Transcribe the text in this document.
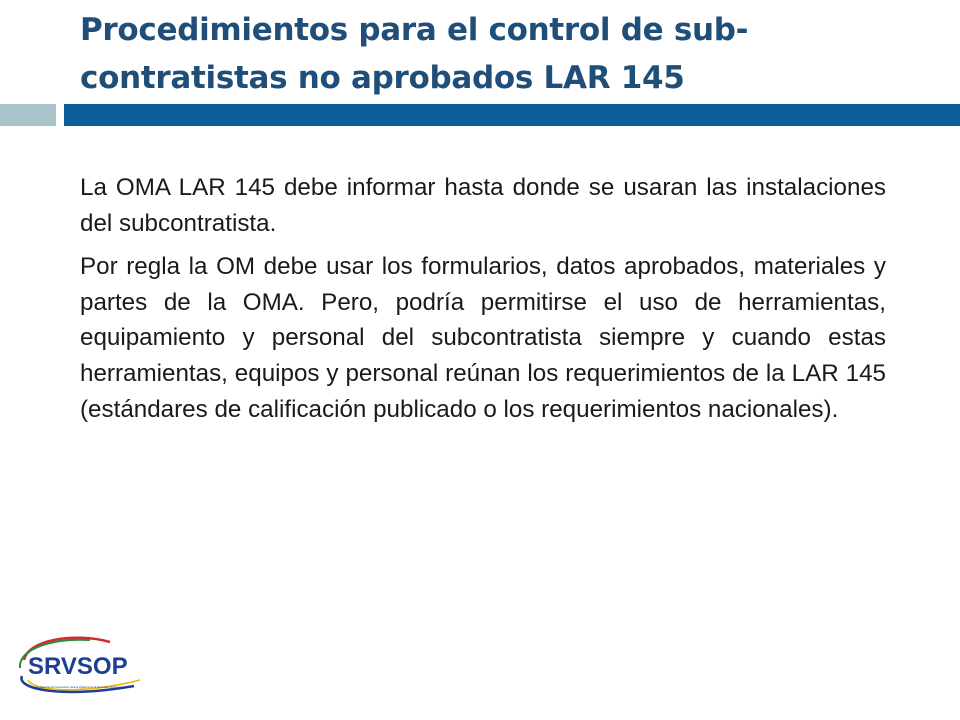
Procedimientos para el control de sub-contratistas no aprobados LAR 145

La OMA LAR 145 debe informar hasta donde se usaran las instalaciones del subcontratista.

Por regla la OM debe usar los formularios, datos aprobados, materiales y partes de la OMA. Pero, podría permitirse el uso de herramientas, equipamiento y personal del subcontratista siempre y cuando estas herramientas, equipos y personal reúnan los requerimientos de la LAR 145 (estándares de calificación publicado o los requerimientos nacionales).

SRVSOP
Sistema Regional de Cooperación para la Vigilancia de la Seguridad Operacional
